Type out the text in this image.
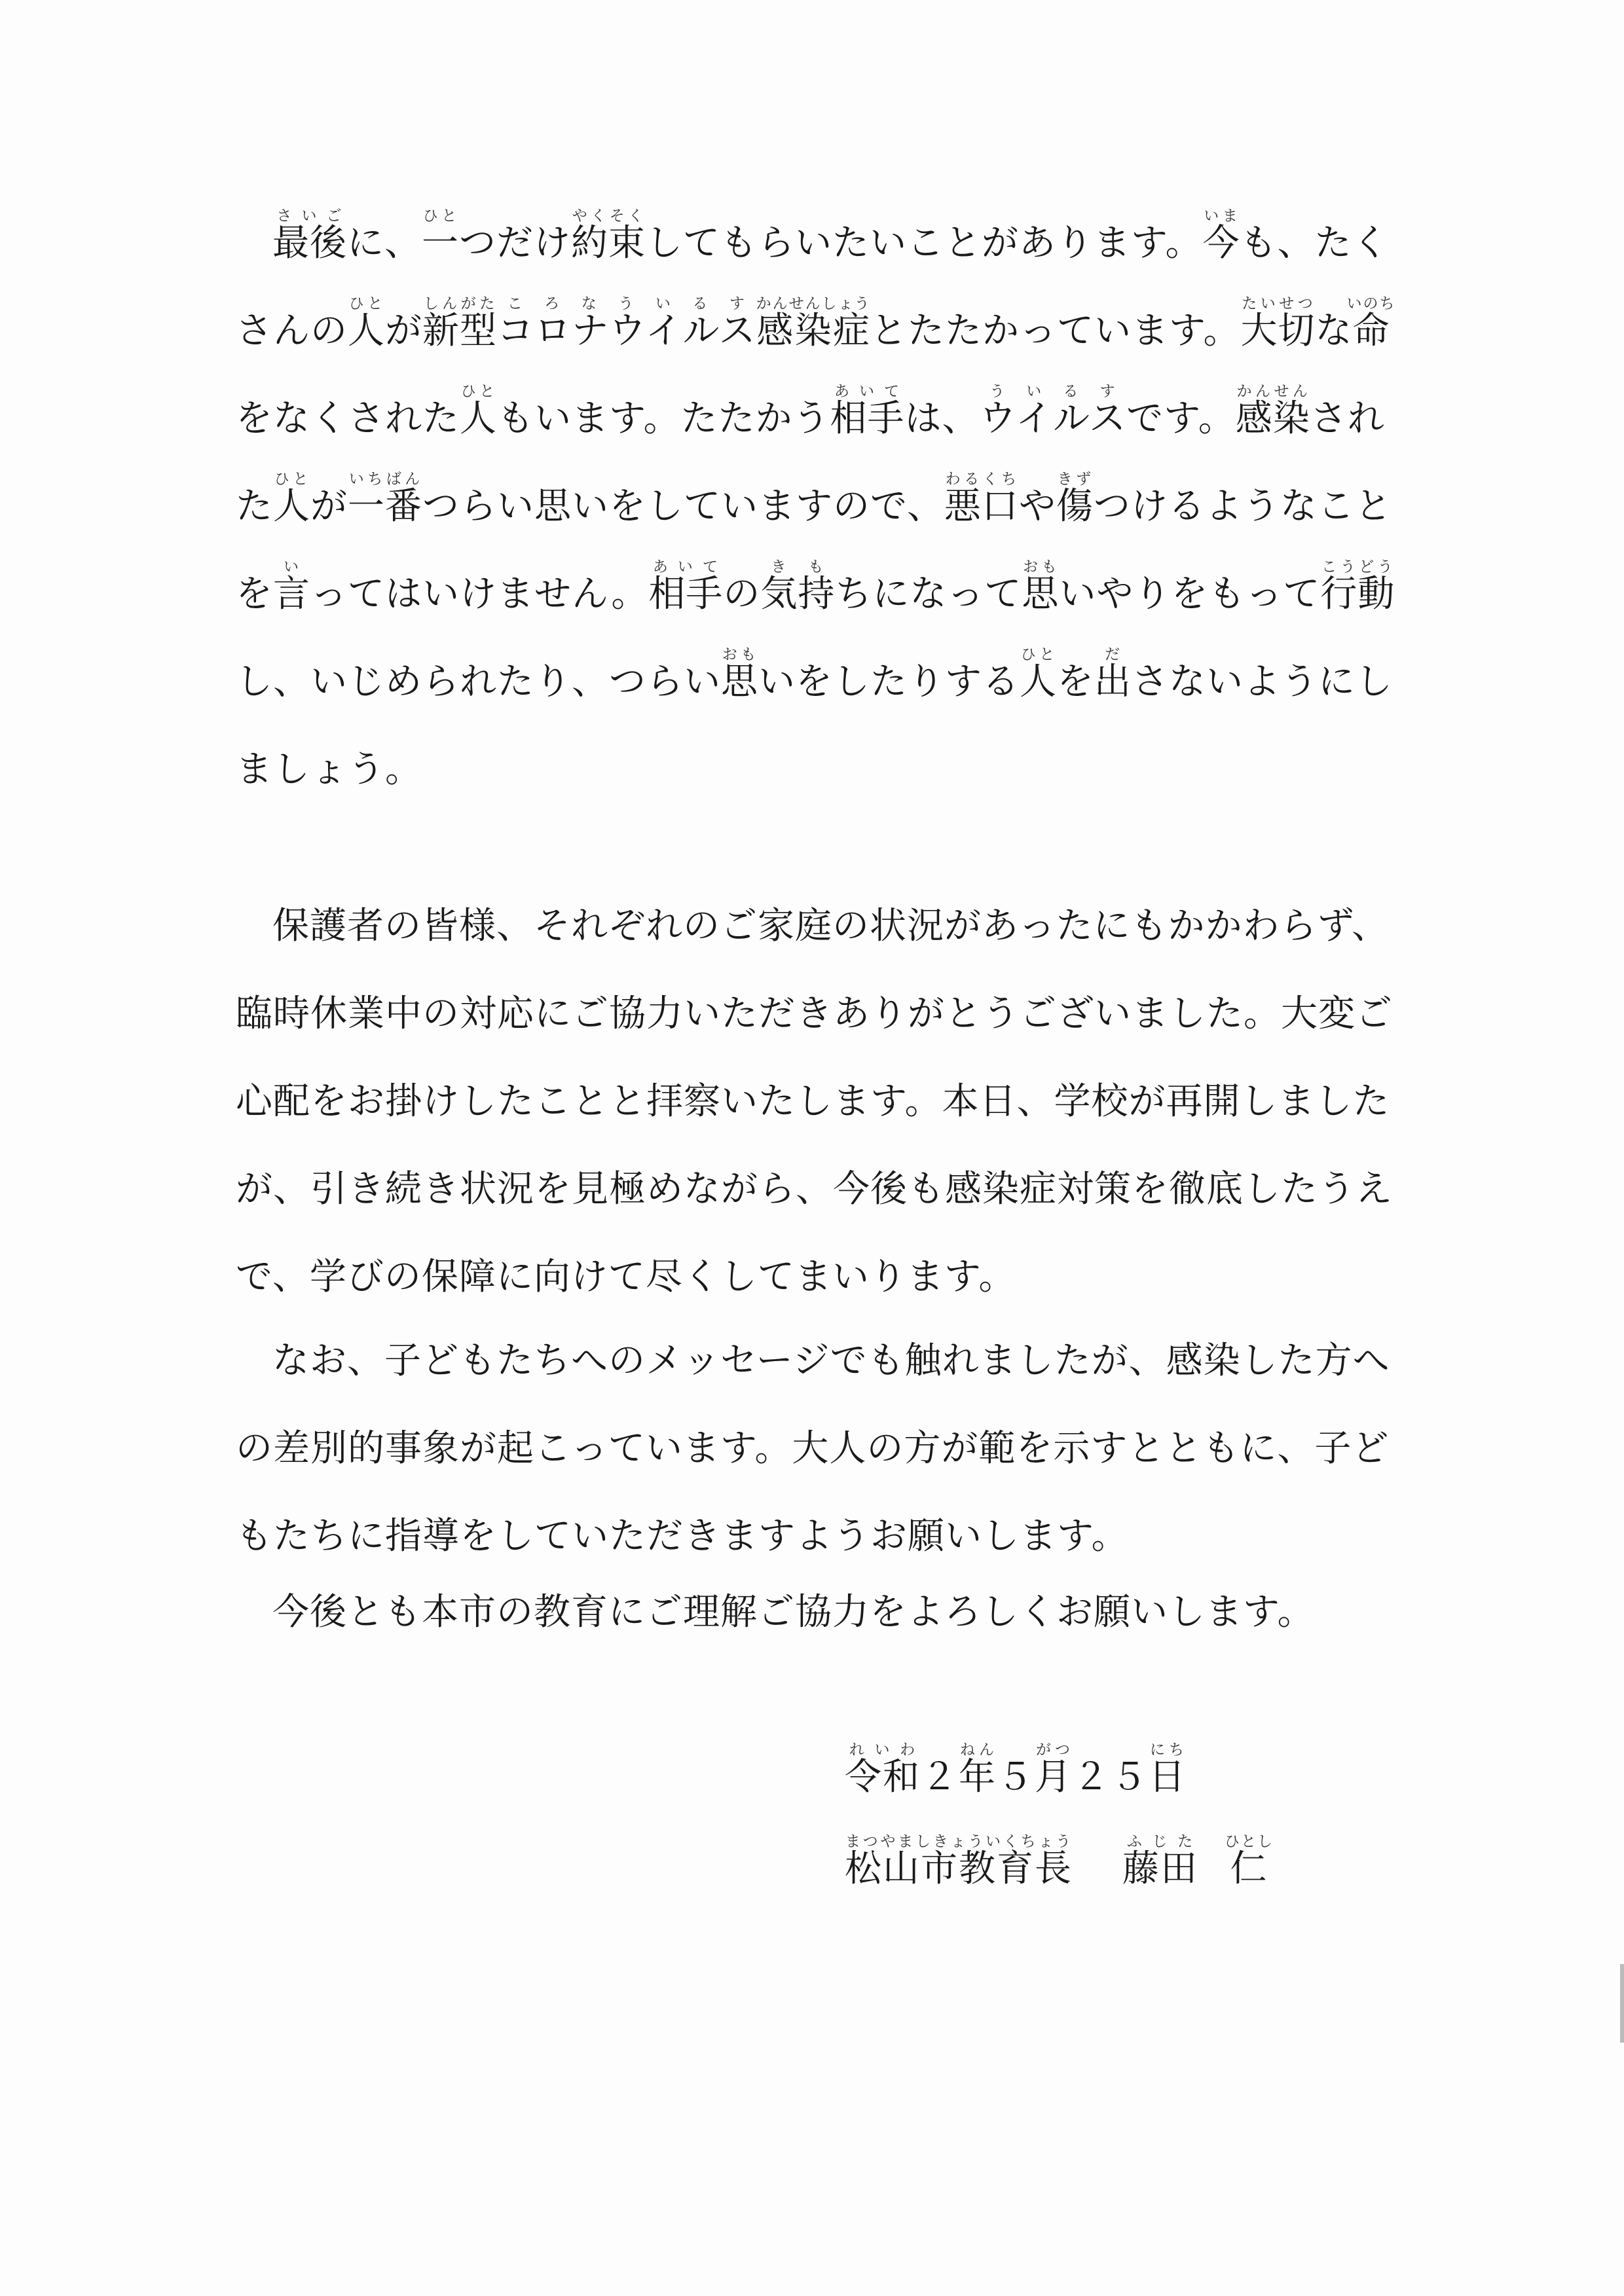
最後さいごに、一ひとつだけ約束やくそくしてもらいたいことがあります。今いまも、たくさんの人ひとが新型しんがたコロナウイルスころなういるす感染症かんせんしょうとたたかっています。大切たいせつな命いのちをなくされた人ひともいます。たたかう相手あいては、ウイルスういるすです。感染かんせんされた人ひとが一番いちばんつらい思いをしていますので、悪口わるくちや傷きずつけるようなことを言いってはいけません。相手あいての気持きもちになって思おもいやりをもって行動こうどうし、いじめられたり、つらい思おもいをしたりする人ひとを出ださないようにしましょう。

保護者の皆様、それぞれのご家庭の状況があったにもかかわらず、臨時休業中の対応にご協力いただきありがとうございました。大変ご心配をお掛けしたことと拝察いたします。本日、学校が再開しましたが、引き続き状況を見極めながら、今後も感染症対策を徹底したうえで、学びの保障に向けて尽くしてまいります。

なお、子どもたちへのメッセージでも触れましたが、感染した方への差別的事象が起こっています。大人の方が範を示すとともに、子どもたちに指導をしていただきますようお願いします。

今後とも本市の教育にご理解ご協力をよろしくお願いします。

令和れいわ２年ねん５月がつ２５日にち
松山市教育長まつやましきょういくちょう藤田ふじた仁ひとし
